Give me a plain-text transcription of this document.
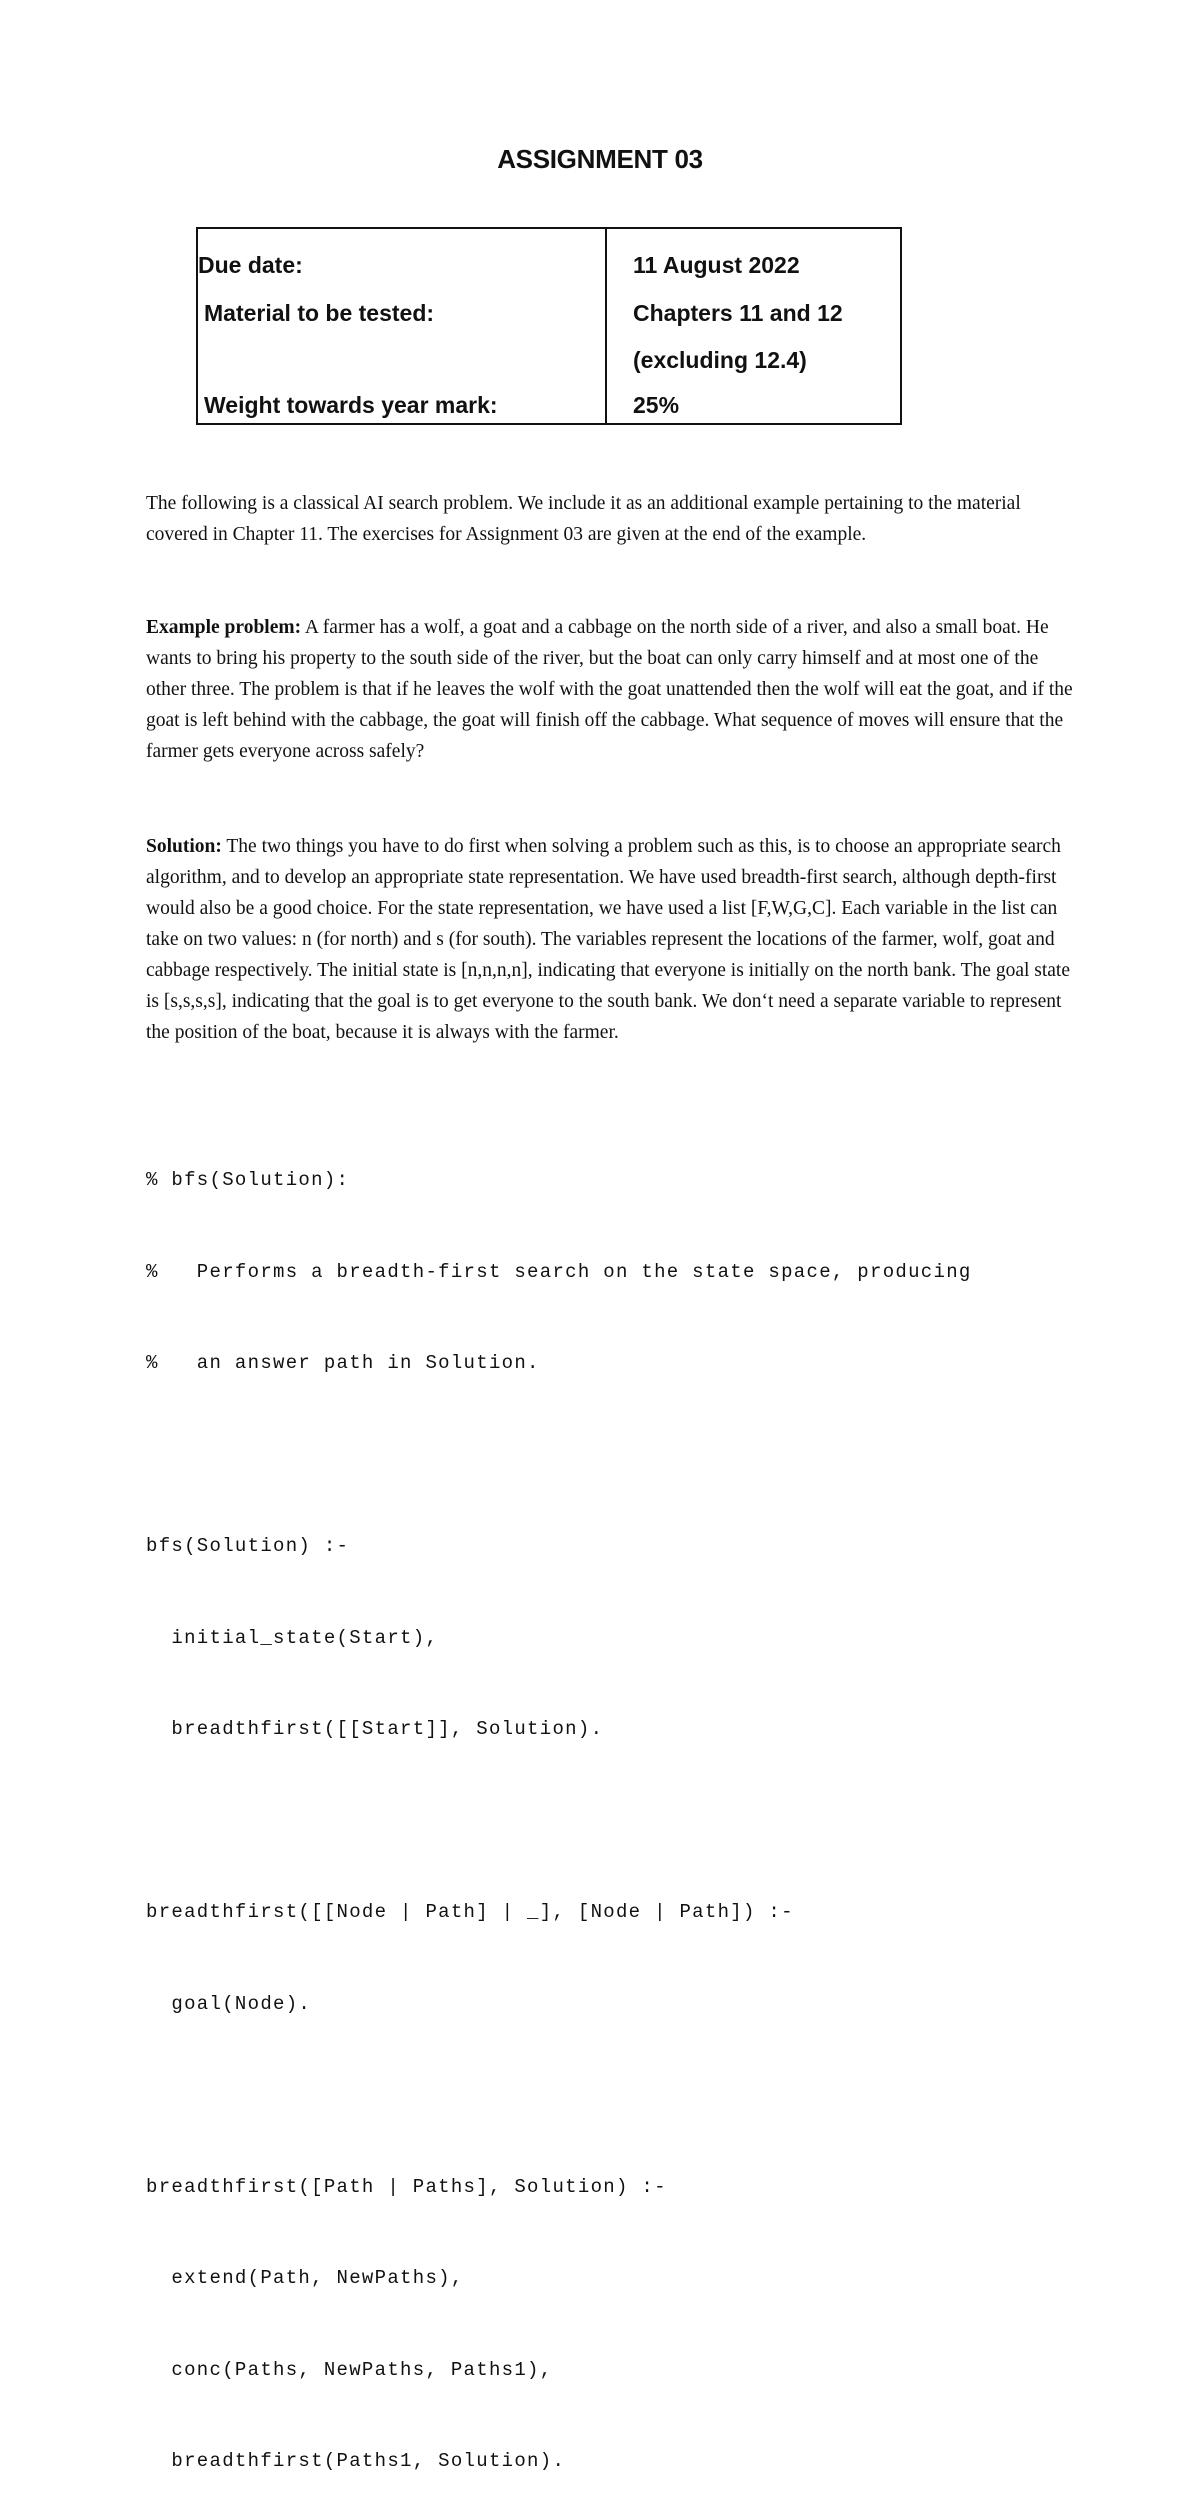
ASSIGNMENT 03
Due date:	11 August 2022
Material to be tested:	Chapters 11 and 12
(excluding 12.4)
Weight towards year mark:	25%

The following is a classical AI search problem. We include it as an additional example pertaining to the material covered in Chapter 11. The exercises for Assignment 03 are given at the end of the example.

Example problem: A farmer has a wolf, a goat and a cabbage on the north side of a river, and also a small boat. He wants to bring his property to the south side of the river, but the boat can only carry himself and at most one of the other three. The problem is that if he leaves the wolf with the goat unattended then the wolf will eat the goat, and if the goat is left behind with the cabbage, the goat will finish off the cabbage. What sequence of moves will ensure that the farmer gets everyone across safely?

Solution: The two things you have to do first when solving a problem such as this, is to choose an appropriate search algorithm, and to develop an appropriate state representation. We have used breadth-first search, although depth-first would also be a good choice. For the state representation, we have used a list [F,W,G,C]. Each variable in the list can take on two values: n (for north) and s (for south). The variables represent the locations of the farmer, wolf, goat and cabbage respectively. The initial state is [n,n,n,n], indicating that everyone is initially on the north bank. The goal state is [s,s,s,s], indicating that the goal is to get everyone to the south bank. We don‘t need a separate variable to represent the position of the boat, because it is always with the farmer.

% bfs(Solution):

%   Performs a breadth-first search on the state space, producing

%   an answer path in Solution.

bfs(Solution) :-

initial_state(Start),

breadthfirst([[Start]], Solution).

breadthfirst([[Node | Path] | _], [Node | Path]) :-

goal(Node).

breadthfirst([Path | Paths], Solution) :-

extend(Path, NewPaths),

conc(Paths, NewPaths, Paths1),

breadthfirst(Paths1, Solution).
